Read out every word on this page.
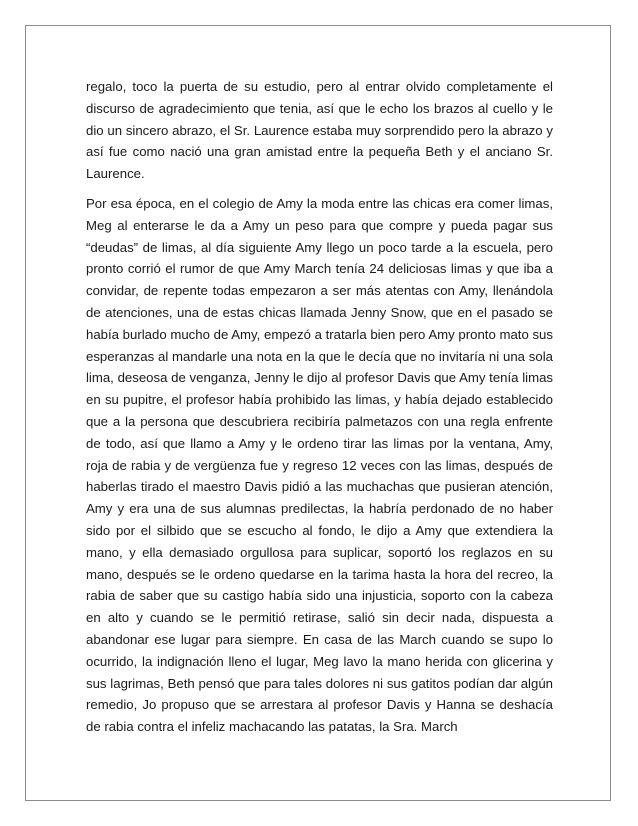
regalo, toco la puerta de su estudio, pero al entrar olvido completamente el discurso de agradecimiento que tenia, así que le echo los brazos al cuello y le dio un sincero abrazo, el Sr. Laurence estaba muy sorprendido pero la abrazo y así fue como nació una gran amistad entre la pequeña Beth y el anciano Sr. Laurence.

Por esa época, en el colegio de Amy la moda entre las chicas era comer limas, Meg al enterarse le da a Amy un peso para que compre y pueda pagar sus “deudas” de limas, al día siguiente Amy llego un poco tarde a la escuela, pero pronto corrió el rumor de que Amy March tenía 24 deliciosas limas y que iba a convidar, de repente todas empezaron a ser más atentas con Amy, llenándola de atenciones, una de estas chicas llamada Jenny Snow, que en el pasado se había burlado mucho de Amy, empezó a tratarla bien pero Amy pronto mato sus esperanzas al mandarle una nota en la que le decía que no invitaría ni una sola lima, deseosa de venganza, Jenny le dijo al profesor Davis que Amy tenía limas en su pupitre, el profesor había prohibido las limas, y había dejado establecido que a la persona que descubriera recibiría palmetazos con una regla enfrente de todo, así que llamo a Amy y le ordeno tirar las limas por la ventana, Amy, roja de rabia y de vergüenza fue y regreso 12 veces con las limas, después de haberlas tirado el maestro Davis pidió a las muchachas que pusieran atención, Amy y era una de sus alumnas predilectas, la habría perdonado de no haber sido por el silbido que se escucho al fondo, le dijo a Amy que extendiera la mano, y ella demasiado orgullosa para suplicar, soportó los reglazos en su mano, después se le ordeno quedarse en la tarima hasta la hora del recreo, la rabia de saber que su castigo había sido una injusticia, soporto con la cabeza en alto y cuando se le permitió retirase, salió sin decir nada, dispuesta a abandonar ese lugar para siempre. En casa de las March cuando se supo lo ocurrido, la indignación lleno el lugar, Meg lavo la mano herida con glicerina y sus lagrimas, Beth pensó que para tales dolores ni sus gatitos podían dar algún remedio, Jo propuso que se arrestara al profesor Davis y Hanna se deshacía de rabia contra el infeliz machacando las patatas, la Sra. March
